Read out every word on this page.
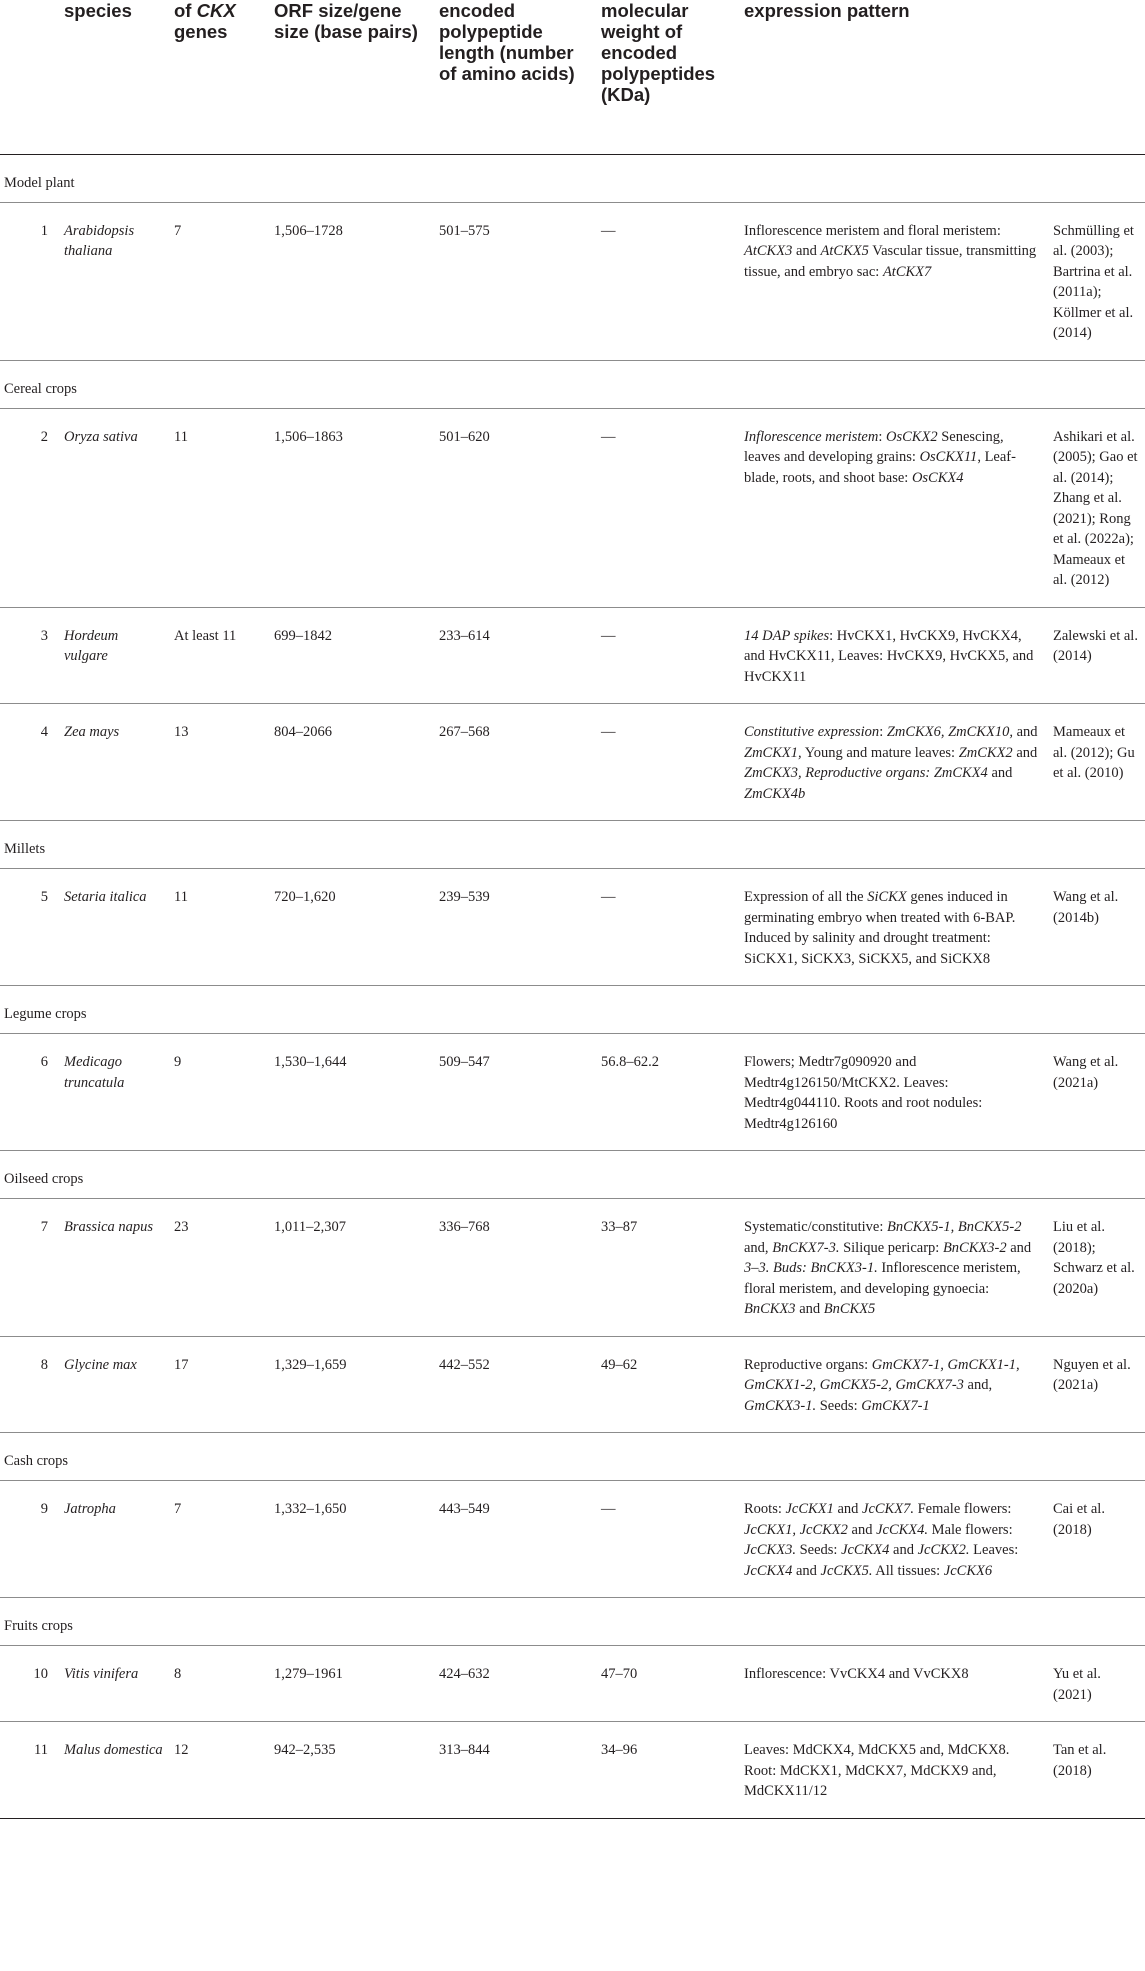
	species	of CKX genes	ORF size/gene size (base pairs)	encoded polypeptide length (number of amino acids)	molecular weight of encoded polypeptides (KDa)	expression pattern	
Model plant							
1	Arabidopsis thaliana	7	1,506–1728	501–575	—	Inflorescence meristem and floral meristem: AtCKX3 and AtCKX5 Vascular tissue, transmitting tissue, and embryo sac: AtCKX7	Schmülling et al. (2003); Bartrina et al. (2011a); Köllmer et al. (2014)
Cereal crops							
2	Oryza sativa	11	1,506–1863	501–620	—	Inflorescence meristem: OsCKX2 Senescing, leaves and developing grains: OsCKX11, Leaf-blade, roots, and shoot base: OsCKX4	Ashikari et al. (2005); Gao et al. (2014); Zhang et al. (2021); Rong et al. (2022a); Mameaux et al. (2012)
3	Hordeum vulgare	At least 11	699–1842	233–614	—	14 DAP spikes: HvCKX1, HvCKX9, HvCKX4, and HvCKX11, Leaves: HvCKX9, HvCKX5, and HvCKX11	Zalewski et al. (2014)
4	Zea mays	13	804–2066	267–568	—	Constitutive expression: ZmCKX6, ZmCKX10, and ZmCKX1, Young and mature leaves: ZmCKX2 and ZmCKX3, Reproductive organs: ZmCKX4 and ZmCKX4b	Mameaux et al. (2012); Gu et al. (2010)
Millets							
5	Setaria italica	11	720–1,620	239–539	—	Expression of all the SiCKX genes induced in germinating embryo when treated with 6-BAP. Induced by salinity and drought treatment: SiCKX1, SiCKX3, SiCKX5, and SiCKX8	Wang et al. (2014b)
Legume crops							
6	Medicago truncatula	9	1,530–1,644	509–547	56.8–62.2	Flowers; Medtr7g090920 and Medtr4g126150/MtCKX2. Leaves: Medtr4g044110. Roots and root nodules: Medtr4g126160	Wang et al. (2021a)
Oilseed crops							
7	Brassica napus	23	1,011–2,307	336–768	33–87	Systematic/constitutive: BnCKX5-1, BnCKX5-2 and, BnCKX7-3. Silique pericarp: BnCKX3-2 and 3–3. Buds: BnCKX3-1. Inflorescence meristem, floral meristem, and developing gynoecia: BnCKX3 and BnCKX5	Liu et al. (2018); Schwarz et al. (2020a)
8	Glycine max	17	1,329–1,659	442–552	49–62	Reproductive organs: GmCKX7-1, GmCKX1-1, GmCKX1-2, GmCKX5-2, GmCKX7-3 and, GmCKX3-1. Seeds: GmCKX7-1	Nguyen et al. (2021a)
Cash crops							
9	Jatropha	7	1,332–1,650	443–549	—	Roots: JcCKX1 and JcCKX7. Female flowers: JcCKX1, JcCKX2 and JcCKX4. Male flowers: JcCKX3. Seeds: JcCKX4 and JcCKX2. Leaves: JcCKX4 and JcCKX5. All tissues: JcCKX6	Cai et al. (2018)
Fruits crops							
10	Vitis vinifera	8	1,279–1961	424–632	47–70	Inflorescence: VvCKX4 and VvCKX8	Yu et al. (2021)
11	Malus domestica	12	942–2,535	313–844	34–96	Leaves: MdCKX4, MdCKX5 and, MdCKX8. Root: MdCKX1, MdCKX7, MdCKX9 and, MdCKX11/12	Tan et al. (2018)
